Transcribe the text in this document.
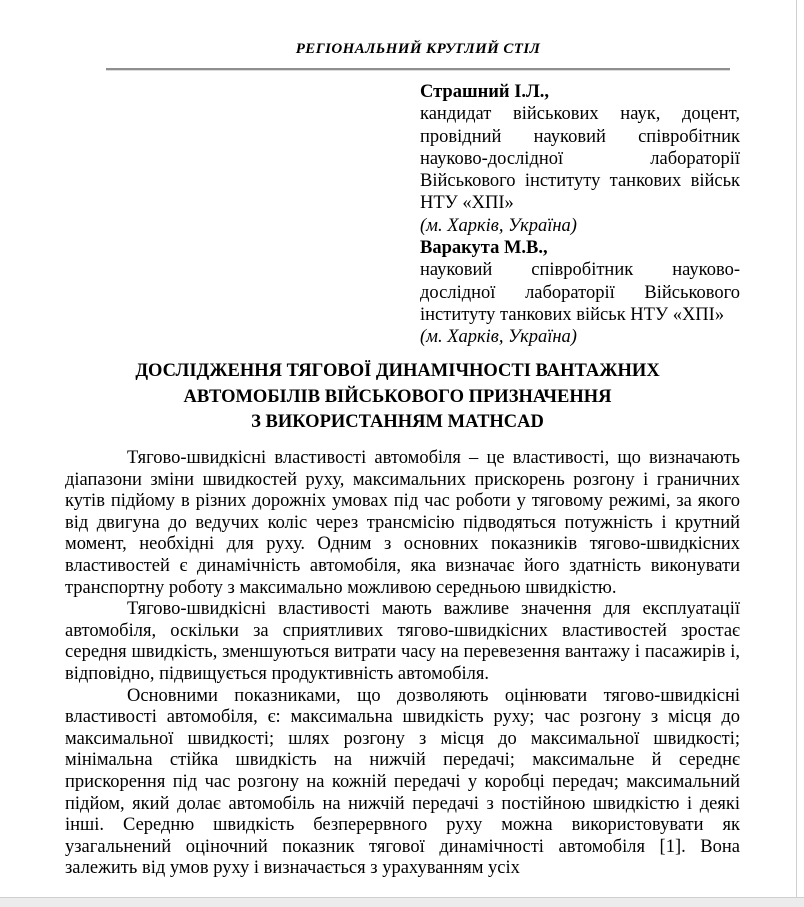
РЕГІОНАЛЬНИЙ КРУГЛИЙ СТІЛ
Страшний І.Л.,
кандидат військових наук, доцент, провідний науковий співробітник науково-дослідної лабораторії Військового інституту танкових військ НТУ «ХПІ»
(м. Харків, Україна)
Варакута М.В.,
науковий співробітник науково-дослідної лабораторії Військового інституту танкових військ НТУ «ХПІ»
(м. Харків, Україна)
ДОСЛІДЖЕННЯ ТЯГОВОЇ ДИНАМІЧНОСТІ ВАНТАЖНИХ
АВТОМОБІЛІВ ВІЙСЬКОВОГО ПРИЗНАЧЕННЯ
З ВИКОРИСТАННЯМ MATHCAD

Тягово-швидкісні властивості автомобіля – це властивості, що визначають діапазони зміни швидкостей руху, максимальних прискорень розгону і граничних кутів підйому в різних дорожніх умовах під час роботи у тяговому режимі, за якого від двигуна до ведучих коліс через трансмісію підводяться потужність і крутний момент, необхідні для руху. Одним з основних показників тягово-швидкісних властивостей є динамічність автомобіля, яка визначає його здатність виконувати транспортну роботу з максимально можливою середньою швидкістю.

Тягово-швидкісні властивості мають важливе значення для експлуатації автомобіля, оскільки за сприятливих тягово-швидкісних властивостей зростає середня швидкість, зменшуються витрати часу на перевезення вантажу і пасажирів і, відповідно, підвищується продуктивність автомобіля.

Основними показниками, що дозволяють оцінювати тягово-швидкісні властивості автомобіля, є: максимальна швидкість руху; час розгону з місця до максимальної швидкості; шлях розгону з місця до максимальної швидкості; мінімальна стійка швидкість на нижчій передачі; максимальне й середнє прискорення під час розгону на кожній передачі у коробці передач; максимальний підйом, який долає автомобіль на нижчій передачі з постійною швидкістю і деякі інші. Середню швидкість безперервного руху можна використовувати як узагальнений оціночний показник тягової динамічності автомобіля [1]. Вона залежить від умов руху і визначається з урахуванням усіх
